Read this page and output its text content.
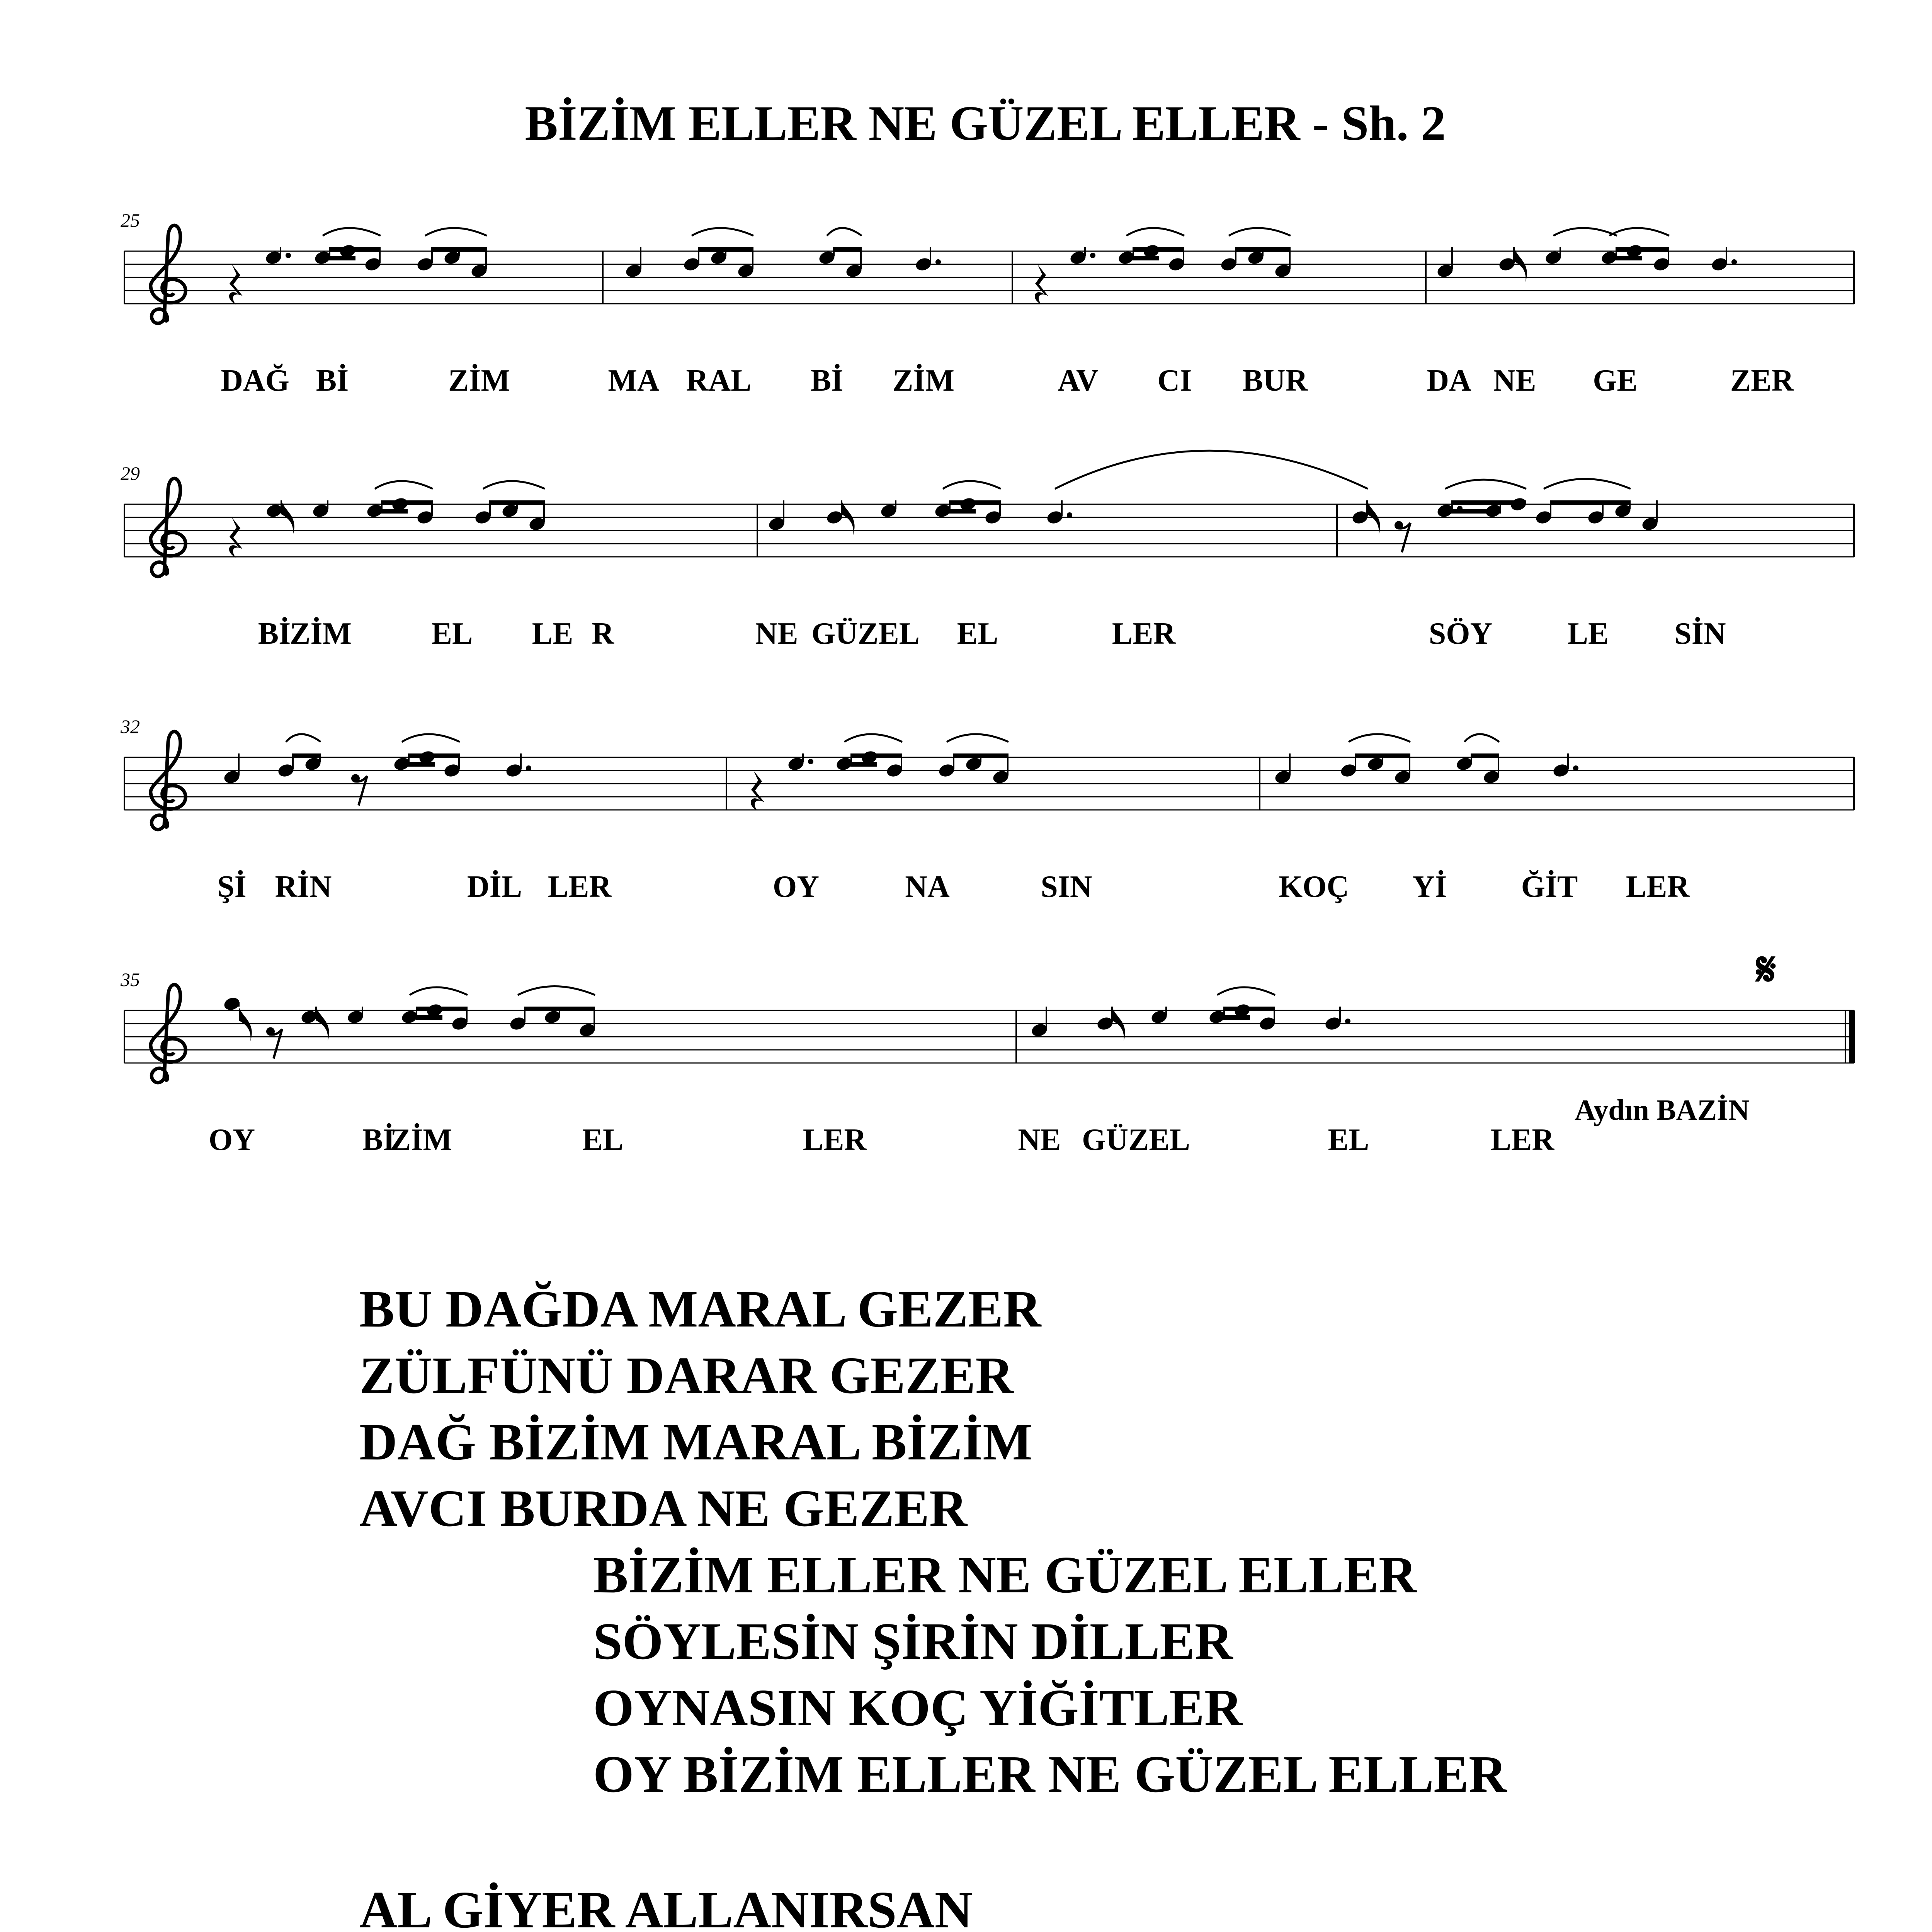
BİZİM ELLER NE GÜZEL ELLER - Sh. 2
25
DAĞ Bİ	ZİM	MA RAL Bİ ZİM	AV CI BUR	DA NE GE	ZER
29
Bİ
ZİM	EL LE R	NE GÜ ZEL EL	LER	SÖY LE SİN
32
Şİ RİN	DİL LER	OY	NA	SIN	KOÇ Yİ ĞİT LER
35
OY	Bİ
ZİM	EL	LER	NE GÜ ZEL	EL	LER
𝄋
Aydın BAZİN
BU DAĞDA MARAL GEZER
ZÜLFÜNÜ DARAR GEZER
DAĞ BİZİM MARAL BİZİM
AVCI BURDA NE GEZER
BİZİM ELLER NE GÜZEL ELLER
SÖYLESİN ŞİRİN DİLLER
OYNASIN KOÇ YİĞİTLER
OY BİZİM ELLER NE GÜZEL ELLER
AL GİYER ALLANIRSAN
